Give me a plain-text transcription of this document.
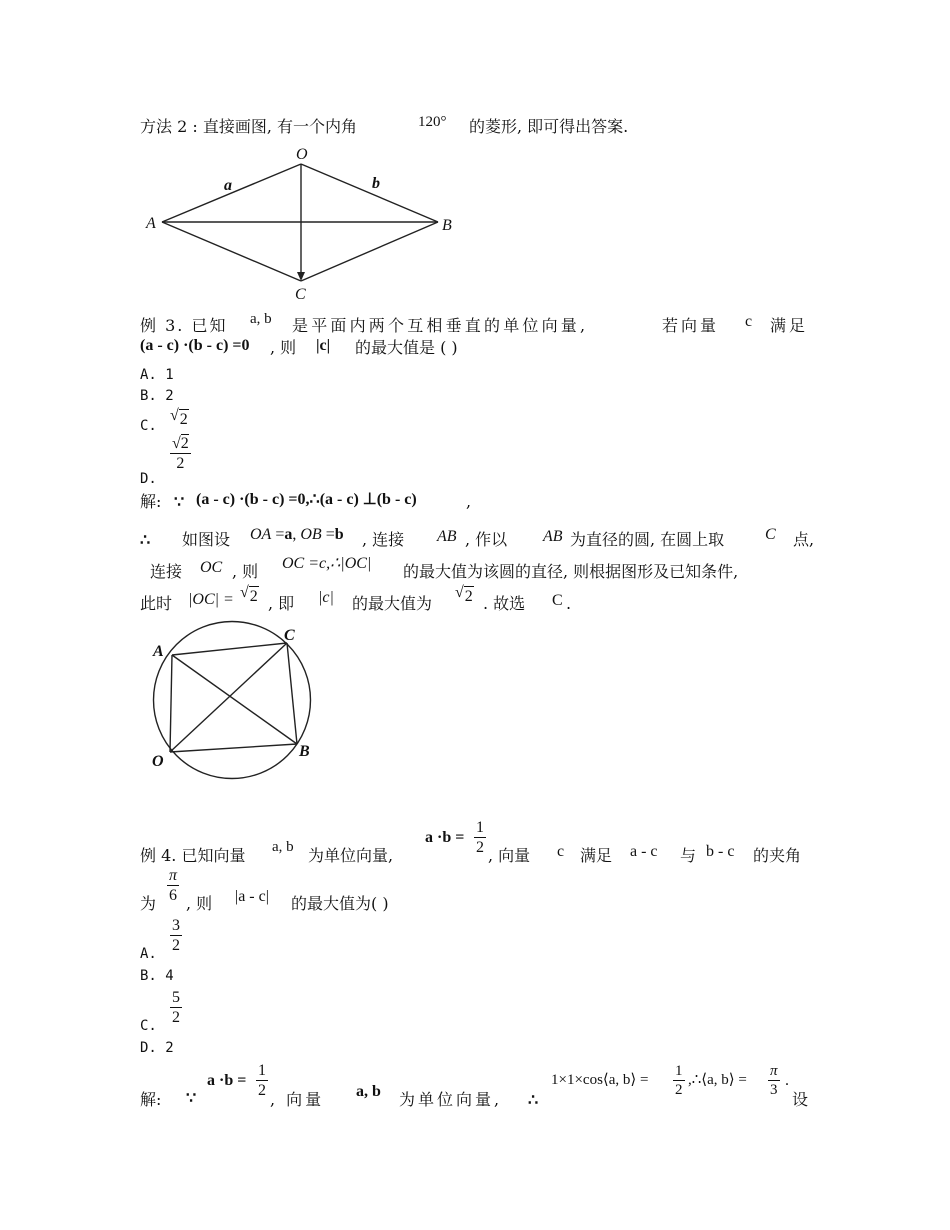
方法 2 : 直接画图, 有一个内角	120° 的菱形, 即可得出答案.
O
A	B
C
a	b
例 3. 已知 a, b 是平面内两个互相垂直的单位向量,	若向量 c 满足
(a - c) ·(b - c) =0 , 则 |c| 的最大值是 ( )
A. 1
B. 2
C.
√ 2
D.
√2
2
解: ∵ (a - c) ·(b - c) =0,∴(a - c) ⊥(b - c)	,
∴ 如图设 OA =a, OB =b , 连接 AB , 作以 AB 为直径的圆, 在圆上取	C 点,
连接 OC , 则 OC =c,∴|OC| 的最大值为该圆的直径, 则根据图形及已知条件,
此时 |OC| = √ 2 , 即 |c| 的最大值为
√ 2 . 故选 C .
A
C
O
B
例 4. 已知向量 a, b 为单位向量,
a ·b =
1
2 , 向量 c 满足 a - c 与 b - c 的夹角
为
π
6 , 则 |a - c| 的最大值为( )
A.
3
2
B. 4
C.
5
2
D. 2
解: ∵
a ·b =
1
2 , 向量 a, b 为单位向量, ∴
1×1×cos⟨a, b⟩ =
1
2
,∴⟨a, b⟩ =
π
3
.
设
